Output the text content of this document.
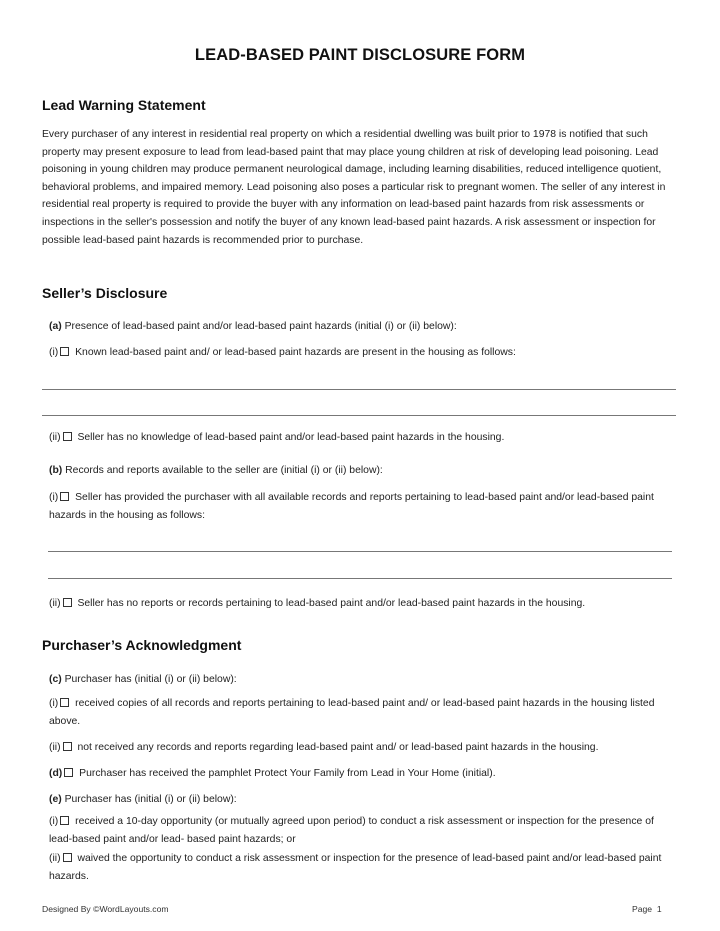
LEAD-BASED PAINT DISCLOSURE FORM
Lead Warning Statement
Every purchaser of any interest in residential real property on which a residential dwelling was built prior to 1978 is notified that such property may present exposure to lead from lead-based paint that may place young children at risk of developing lead poisoning. Lead poisoning in young children may produce permanent neurological damage, including learning disabilities, reduced intelligence quotient, behavioral problems, and impaired memory. Lead poisoning also poses a particular risk to pregnant women. The seller of any interest in residential real property is required to provide the buyer with any information on lead-based paint hazards from risk assessments or inspections in the seller's possession and notify the buyer of any known lead-based paint hazards. A risk assessment or inspection for possible lead-based paint hazards is recommended prior to purchase.
Seller’s Disclosure
(a) Presence of lead-based paint and/or lead-based paint hazards (initial (i) or (ii) below):
(i) Known lead-based paint and/ or lead-based paint hazards are present in the housing as follows:
(ii) Seller has no knowledge of lead-based paint and/or lead-based paint hazards in the housing.
(b) Records and reports available to the seller are (initial (i) or (ii) below):
(i) Seller has provided the purchaser with all available records and reports pertaining to lead-based paint and/or lead-based paint hazards in the housing as follows:
(ii) Seller has no reports or records pertaining to lead-based paint and/or lead-based paint hazards in the housing.
Purchaser’s Acknowledgment
(c) Purchaser has (initial (i) or (ii) below):
(i) received copies of all records and reports pertaining to lead-based paint and/ or lead-based paint hazards in the housing listed above.
(ii) not received any records and reports regarding lead-based paint and/ or lead-based paint hazards in the housing.
(d) Purchaser has received the pamphlet Protect Your Family from Lead in Your Home (initial).
(e) Purchaser has (initial (i) or (ii) below):
(i) received a 10-day opportunity (or mutually agreed upon period) to conduct a risk assessment or inspection for the presence of lead-based paint and/or lead- based paint hazards; or
(ii) waived the opportunity to conduct a risk assessment or inspection for the presence of lead-based paint and/or lead-based paint hazards.
Designed By ©WordLayouts.com	Page 1
